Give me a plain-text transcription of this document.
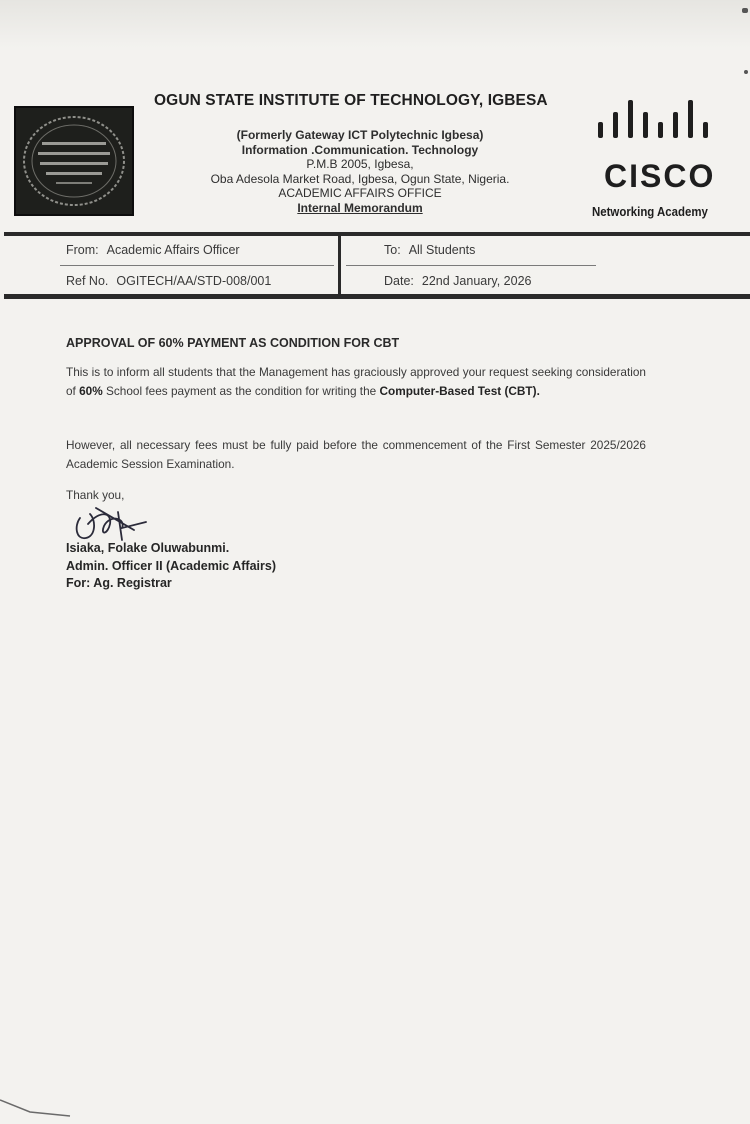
OGUN STATE INSTITUTE OF TECHNOLOGY, IGBESA
(Formerly Gateway ICT Polytechnic Igbesa)
Information .Communication. Technology
P.M.B 2005, Igbesa,
Oba Adesola Market Road, Igbesa, Ogun State, Nigeria.
ACADEMIC AFFAIRS OFFICE
Internal Memorandum
CISCO
Networking Academy
From: Academic Affairs Officer	To: All Students
Ref No. OGITECH/AA/STD-008/001	Date: 22nd January, 2026
APPROVAL OF 60% PAYMENT AS CONDITION FOR CBT
This is to inform all students that the Management has graciously approved your request seeking consideration of 60% School fees payment as the condition for writing the Computer-Based Test (CBT).
However, all necessary fees must be fully paid before the commencement of the First Semester 2025/2026 Academic Session Examination.
Thank you,
Isiaka, Folake Oluwabunmi.
Admin. Officer II (Academic Affairs)
For: Ag. Registrar
